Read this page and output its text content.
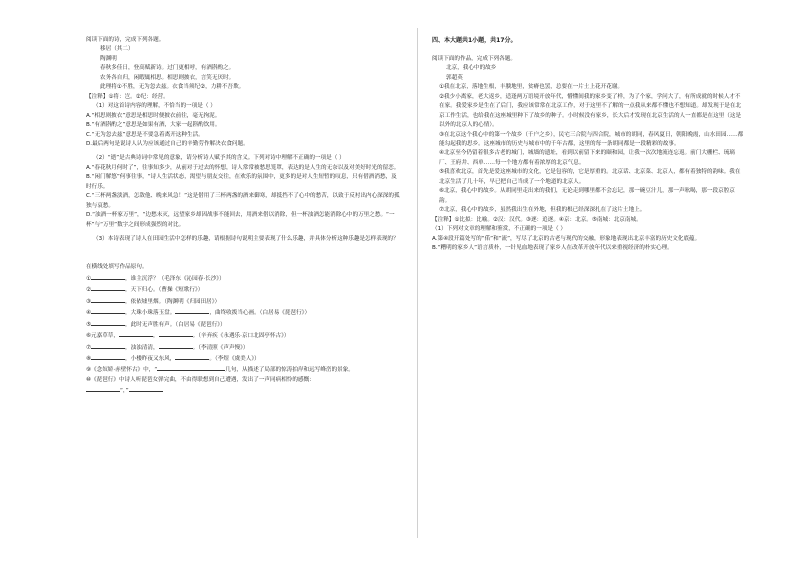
阅读下面的诗，完成下列各题。
移居（其二）
陶渊明
春秋多佳日，登高赋新诗。过门更相呼，有酒斟酌之。
农务各自归，闲暇辄相思。相思则披衣，言笑无厌时。
此理将①不胜，无为忽去兹。衣食当须纪②，力耕不吾欺。
【注释】①将：岂。②纪：经营。
（1）对这首诗内容的理解，不恰当的一项是（ ）
A.“相思则披衣”意思是相思时便披衣前往，毫无拘泥。
B.“有酒斟酌之”意思是如果有酒，大家一起斟酌饮用。
C.“无为忽去兹”意思是不要急着离开这种生活。
D.最后两句是说诗人认为应该通过自己的辛勤劳作解决衣食问题。
（2）“逝”是古典诗词中常见的意象，请分析诗人赋予其的含义。下列对诗中理解不正确的一项是（ ）
A.“春花秋月何时了”，往事知多少，从前对于过去的怀想，诗人常常被愁思笼罩，表达的是人生的无奈以及对美好时光的留恋。
B.“闲门解悠”何事往事，“诗人生活状态，渴望与朋友交往，在欢乐的氛围中，更多的是对人生短暂的叹息，只有借酒消愁，及时行乐。
C.“三杯两盏淡酒，怎敌他、晚来风急！”这是借用了三杯两盏的酒来御寒，却抵挡不了心中的愁苦，以致于反衬出内心深深的孤独与哀愁。
D.“浊酒一杯家万里”，“边愁未灭，远望家乡却因战事不能回去，用酒来借以消除，但一杯浊酒怎能消除心中的万里之愁。“一杯”与“万里”数字之间形成强烈的对比。
（3）本诗表现了诗人在田园生活中怎样的乐趣，请根据诗句说明主要表现了什么乐趣，并具体分析这种乐趣是怎样表现的？
在横线处填写作品原句。
①	，谁主沉浮？（毛泽东《沁园春·长沙》）
②	，天下归心。（曹操《短歌行》）
③	，依依墟里烟。（陶渊明《归园田居》）
④	，大珠小珠落玉盘。	，曲终收拨当心画。（白居易《琵琶行》）
⑤	，此时无声胜有声。（白居易《琵琶行》）
⑥元嘉草草，	，	。（辛弃疾《永遇乐·京口北固亭怀古》）
⑦	，浊浊清清，	。（李清照《声声慢》）
⑧	，小楼昨夜又东风，	。（李煜《虞美人》）
⑨《念奴娇·赤壁怀古》中，“	几句，从描述了局部的惊涛拍岸和远写峰峦的景象。
⑩《琵琶行》中诗人听琵琶女弹完曲，不由得联想到自己遭遇，发出了一声同病相怜的感慨：
“，”
四、本大题共1小题，共17分。
阅读下面的作品，完成下列各题。
北京，我心中的故乡
郭超英
①我在北京，落地生根，丰腴地里，贫瘠也罢，总要在一片土上花开花谢。
②我少小离家，老大返乡，适逢两万语境开放年代，懵懂间我的家乡变了样，为了个家，学问大了，有所成就的时候人才不在家。我爱家乡是生在了后门，我应该常常在北京工作，对于这里不了解的一点我从来都不懂也不想知道。却发现于是在北京工作生活，也给我在这座城里种下了故乡的种子。小时候没有家乡，长大后才发现在北京生活的人一直都是在这里（这是以外的北京人的心情）。
③在北京这个我心中的第一个故乡（千户之乡），民宅三合院与四合院，城市的胡同，春风夏日，朝阳晚霞，山水田园……都能勾起我的思乡。这座城市的历史与城市中的千年古都，这里的每一条胡同都是一段精彩的故事。
④北京至今仍留着很多古老的城门，城墙的遗址，看到以前留下来的颐和园，让我一次次地流连忘返。前门大栅栏、琉璃厂、王府井、西单……每一个地方都有着浓厚的北京气息。
⑤我喜欢北京，首先是爱这座城市的文化，它是包容的，它是厚重的。北京话、北京菜、北京人，都有着独特的韵味。我在北京生活了几十年，早已把自己当成了一个地道的北京人。
⑥北京，我心中的故乡。从胡同里走出来的我们，无论走到哪里都不会忘记，那一碗豆汁儿，那一声吆喝，那一段京腔京韵。
⑦北京，我心中的故乡，虽然我出生在外地，但我的根已经深深扎在了这片土地上。
【注释】①比拟：比喻。②汉：汉代。③逐：追逐。④京：北京。⑤南城：北京南城。
（1）下列对文章的理解和鉴赏，不正确的一项是（ ）
A.第④段开篇处写的“偌”和“流”，写尽了北京的古老与现代的交融，形象地表现出北京丰富的历史文化底蕴。
B.“糟明的家乡人”语言质朴，一针见血地表现了家乡人在改革开放年代以来重视经济的朴实心理。
